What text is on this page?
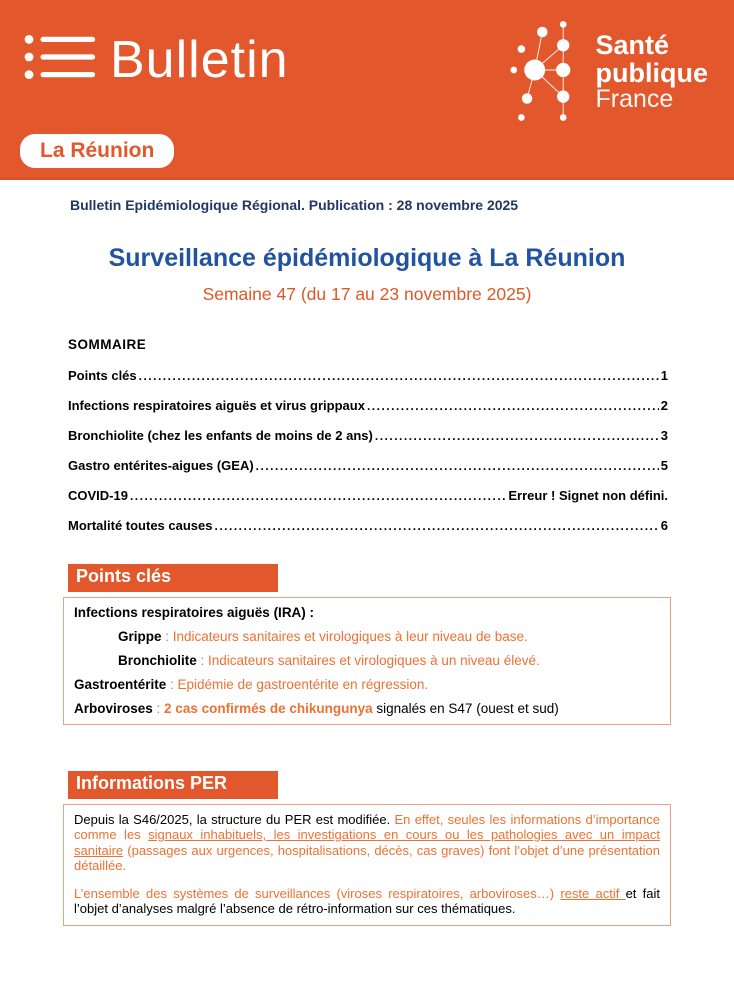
Bulletin	Santé
publique
France
La Réunion
Bulletin Epidémiologique Régional. Publication : 28 novembre 2025
Surveillance épidémiologique à La Réunion
Semaine 47 (du 17 au 23 novembre 2025)
SOMMAIRE
Points clés .....	1
Infections respiratoires aiguës et virus grippaux .....	2
Bronchiolite (chez les enfants de moins de 2 ans) .....	3
Gastro entérites-aigues (GEA) .....	5
COVID-19 .....	Erreur ! Signet non défini.
Mortalité toutes causes .....	6
Points clés
Infections respiratoires aiguës (IRA) :
Grippe : Indicateurs sanitaires et virologiques à leur niveau de base.
Bronchiolite : Indicateurs sanitaires et virologiques à un niveau élevé.
Gastroentérite : Epidémie de gastroentérite en régression.
Arboviroses : 2 cas confirmés de chikungunya signalés en S47 (ouest et sud)
Informations PER

Depuis la S46/2025, la structure du PER est modifiée. En effet, seules les informations d’importance comme les signaux inhabituels, les investigations en cours ou les pathologies avec un impact sanitaire (passages aux urgences, hospitalisations, décès, cas graves) font l’objet d’une présentation détaillée.

L’ensemble des systèmes de surveillances (viroses respiratoires, arboviroses…) reste actif et fait l’objet d’analyses malgré l’absence de rétro-information sur ces thématiques.
